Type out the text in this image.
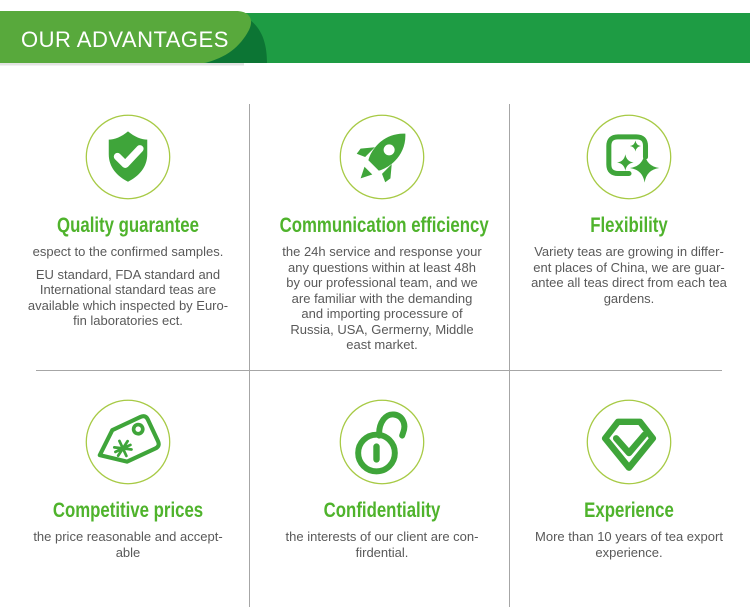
OUR ADVANTAGES
Quality guarantee

espect to the confirmed samples.

EU standard, FDA standard and
International standard teas are
available which inspected by Euro-
fin laboratories ect.

Communication efficiency

the 24h service and response your
any questions within at least 48h
by our professional team, and we
are familiar with the demanding
and importing processure of
Russia, USA, Germerny, Middle
east market.

Flexibility

Variety teas are growing in differ-
ent places of China, we are guar-
antee all teas direct from each tea
gardens.

Competitive prices

the price reasonable and accept-
able

Confidentiality

the interests of our client are con-
firdential.

Experience

More than 10 years of tea export
experience.
